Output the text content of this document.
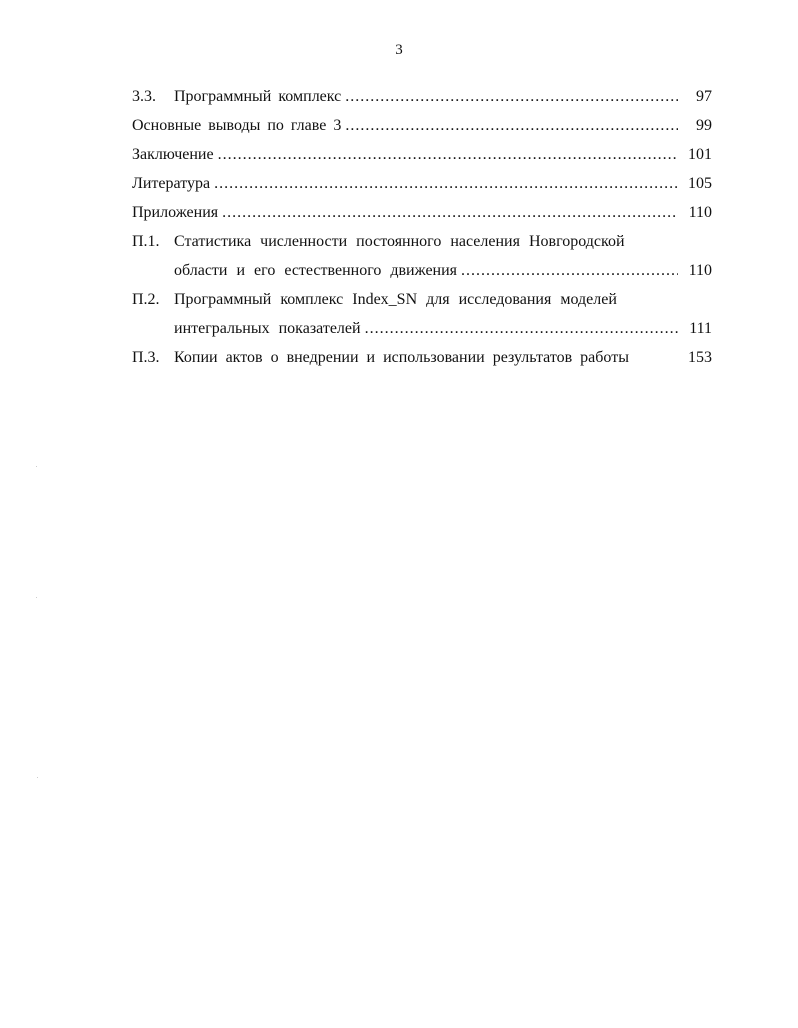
3
3.3.	Программный комплекс .....	97
Основные выводы по главе 3 .....	99
Заключение .....	101
Литература .....	105
Приложения .....	110
П.1. Статистика численности постоянного населения Новгородской
области и его естественного движения .....	110
П.2. Программный комплекс Index_SN для исследования моделей
интегральных показателей .....	111
П.3. Копии актов о внедрении и использовании результатов работы	153
